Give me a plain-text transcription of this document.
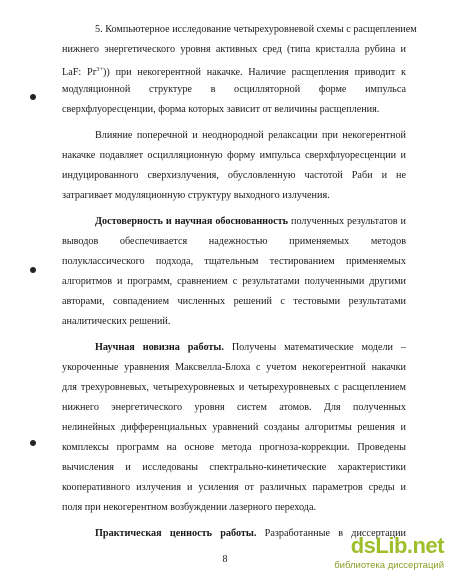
5. Компьютерное исследование четырехуровневой схемы с расщеплением
нижнего энергетического уровня активных сред (типа кристалла рубина и
LaF: $Pr^{3+}$)) при некогерентной накачке. Наличие расщепления приводит к
модуляционной структуре в осцилляторной форме импульса
сверхфлуоресценции, форма которых зависит от величины расщепления.
Влияние поперечной и неоднородной релаксации при некогерентной
накачке подавляет осцилляционную форму импульса сверхфлуоресценции и
индуцированного сверхизлучения, обусловленную частотой Раби и не
затрагивает модуляционную структуру выходного излучения.
Достоверность и научная обоснованность полученных результатов и
выводов обеспечивается надежностью применяемых методов
полуклассического подхода, тщательным тестированием применяемых
алгоритмов и программ, сравнением с результатами полученными другими
авторами, совпадением численных решений с тестовыми результатами
аналитических решений.
Научная новизна работы. Получены математические модели –
укороченные уравнения Максвелла-Блоха с учетом некогерентной накачки
для трехуровневых, четырехуровневых и четырехуровневых с расщеплением
нижнего энергетического уровня систем атомов. Для полученных
нелинейных дифференциальных уравнений созданы алгоритмы решения и
комплексы программ на основе метода прогноза-коррекции. Проведены
вычисления и исследованы спектрально-кинетические характеристики
кооперативного излучения и усиления от различных параметров среды и
поля при некогерентном возбуждении лазерного перехода.
Практическая ценность работы. Разработанные в диссертации
8
dsLib.net
библиотека диссертаций
